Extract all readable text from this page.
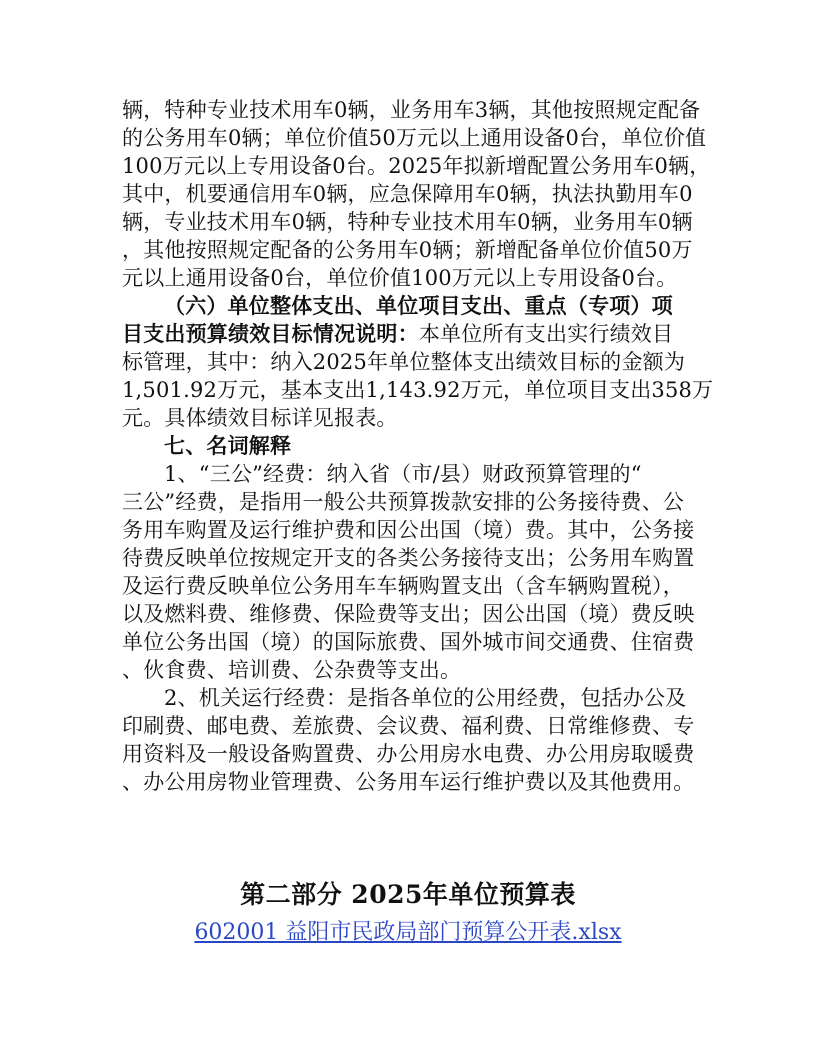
辆，特种专业技术用车0辆，业务用车3辆，其他按照规定配备
的公务用车0辆；单位价值50万元以上通用设备0台，单位价值
100万元以上专用设备0台。2025年拟新增配置公务用车0辆，
其中，机要通信用车0辆，应急保障用车0辆，执法执勤用车0
辆，专业技术用车0辆，特种专业技术用车0辆，业务用车0辆
，其他按照规定配备的公务用车0辆；新增配备单位价值50万
元以上通用设备0台，单位价值100万元以上专用设备0台。
（六）单位整体支出、单位项目支出、重点（专项）项
目支出预算绩效目标情况说明：本单位所有支出实行绩效目
标管理，其中：纳入2025年单位整体支出绩效目标的金额为
1,501.92万元，基本支出1,143.92万元，单位项目支出358万
元。具体绩效目标详见报表。
七、名词解释
1、“三公”经费：纳入省（市/县）财政预算管理的“
三公”经费，是指用一般公共预算拨款安排的公务接待费、公
务用车购置及运行维护费和因公出国（境）费。其中，公务接
待费反映单位按规定开支的各类公务接待支出；公务用车购置
及运行费反映单位公务用车车辆购置支出（含车辆购置税），
以及燃料费、维修费、保险费等支出；因公出国（境）费反映
单位公务出国（境）的国际旅费、国外城市间交通费、住宿费
、伙食费、培训费、公杂费等支出。
2、机关运行经费：是指各单位的公用经费，包括办公及
印刷费、邮电费、差旅费、会议费、福利费、日常维修费、专
用资料及一般设备购置费、办公用房水电费、办公用房取暖费
、办公用房物业管理费、公务用车运行维护费以及其他费用。
第二部分 2025年单位预算表
602001 益阳市民政局部门预算公开表.xlsx
